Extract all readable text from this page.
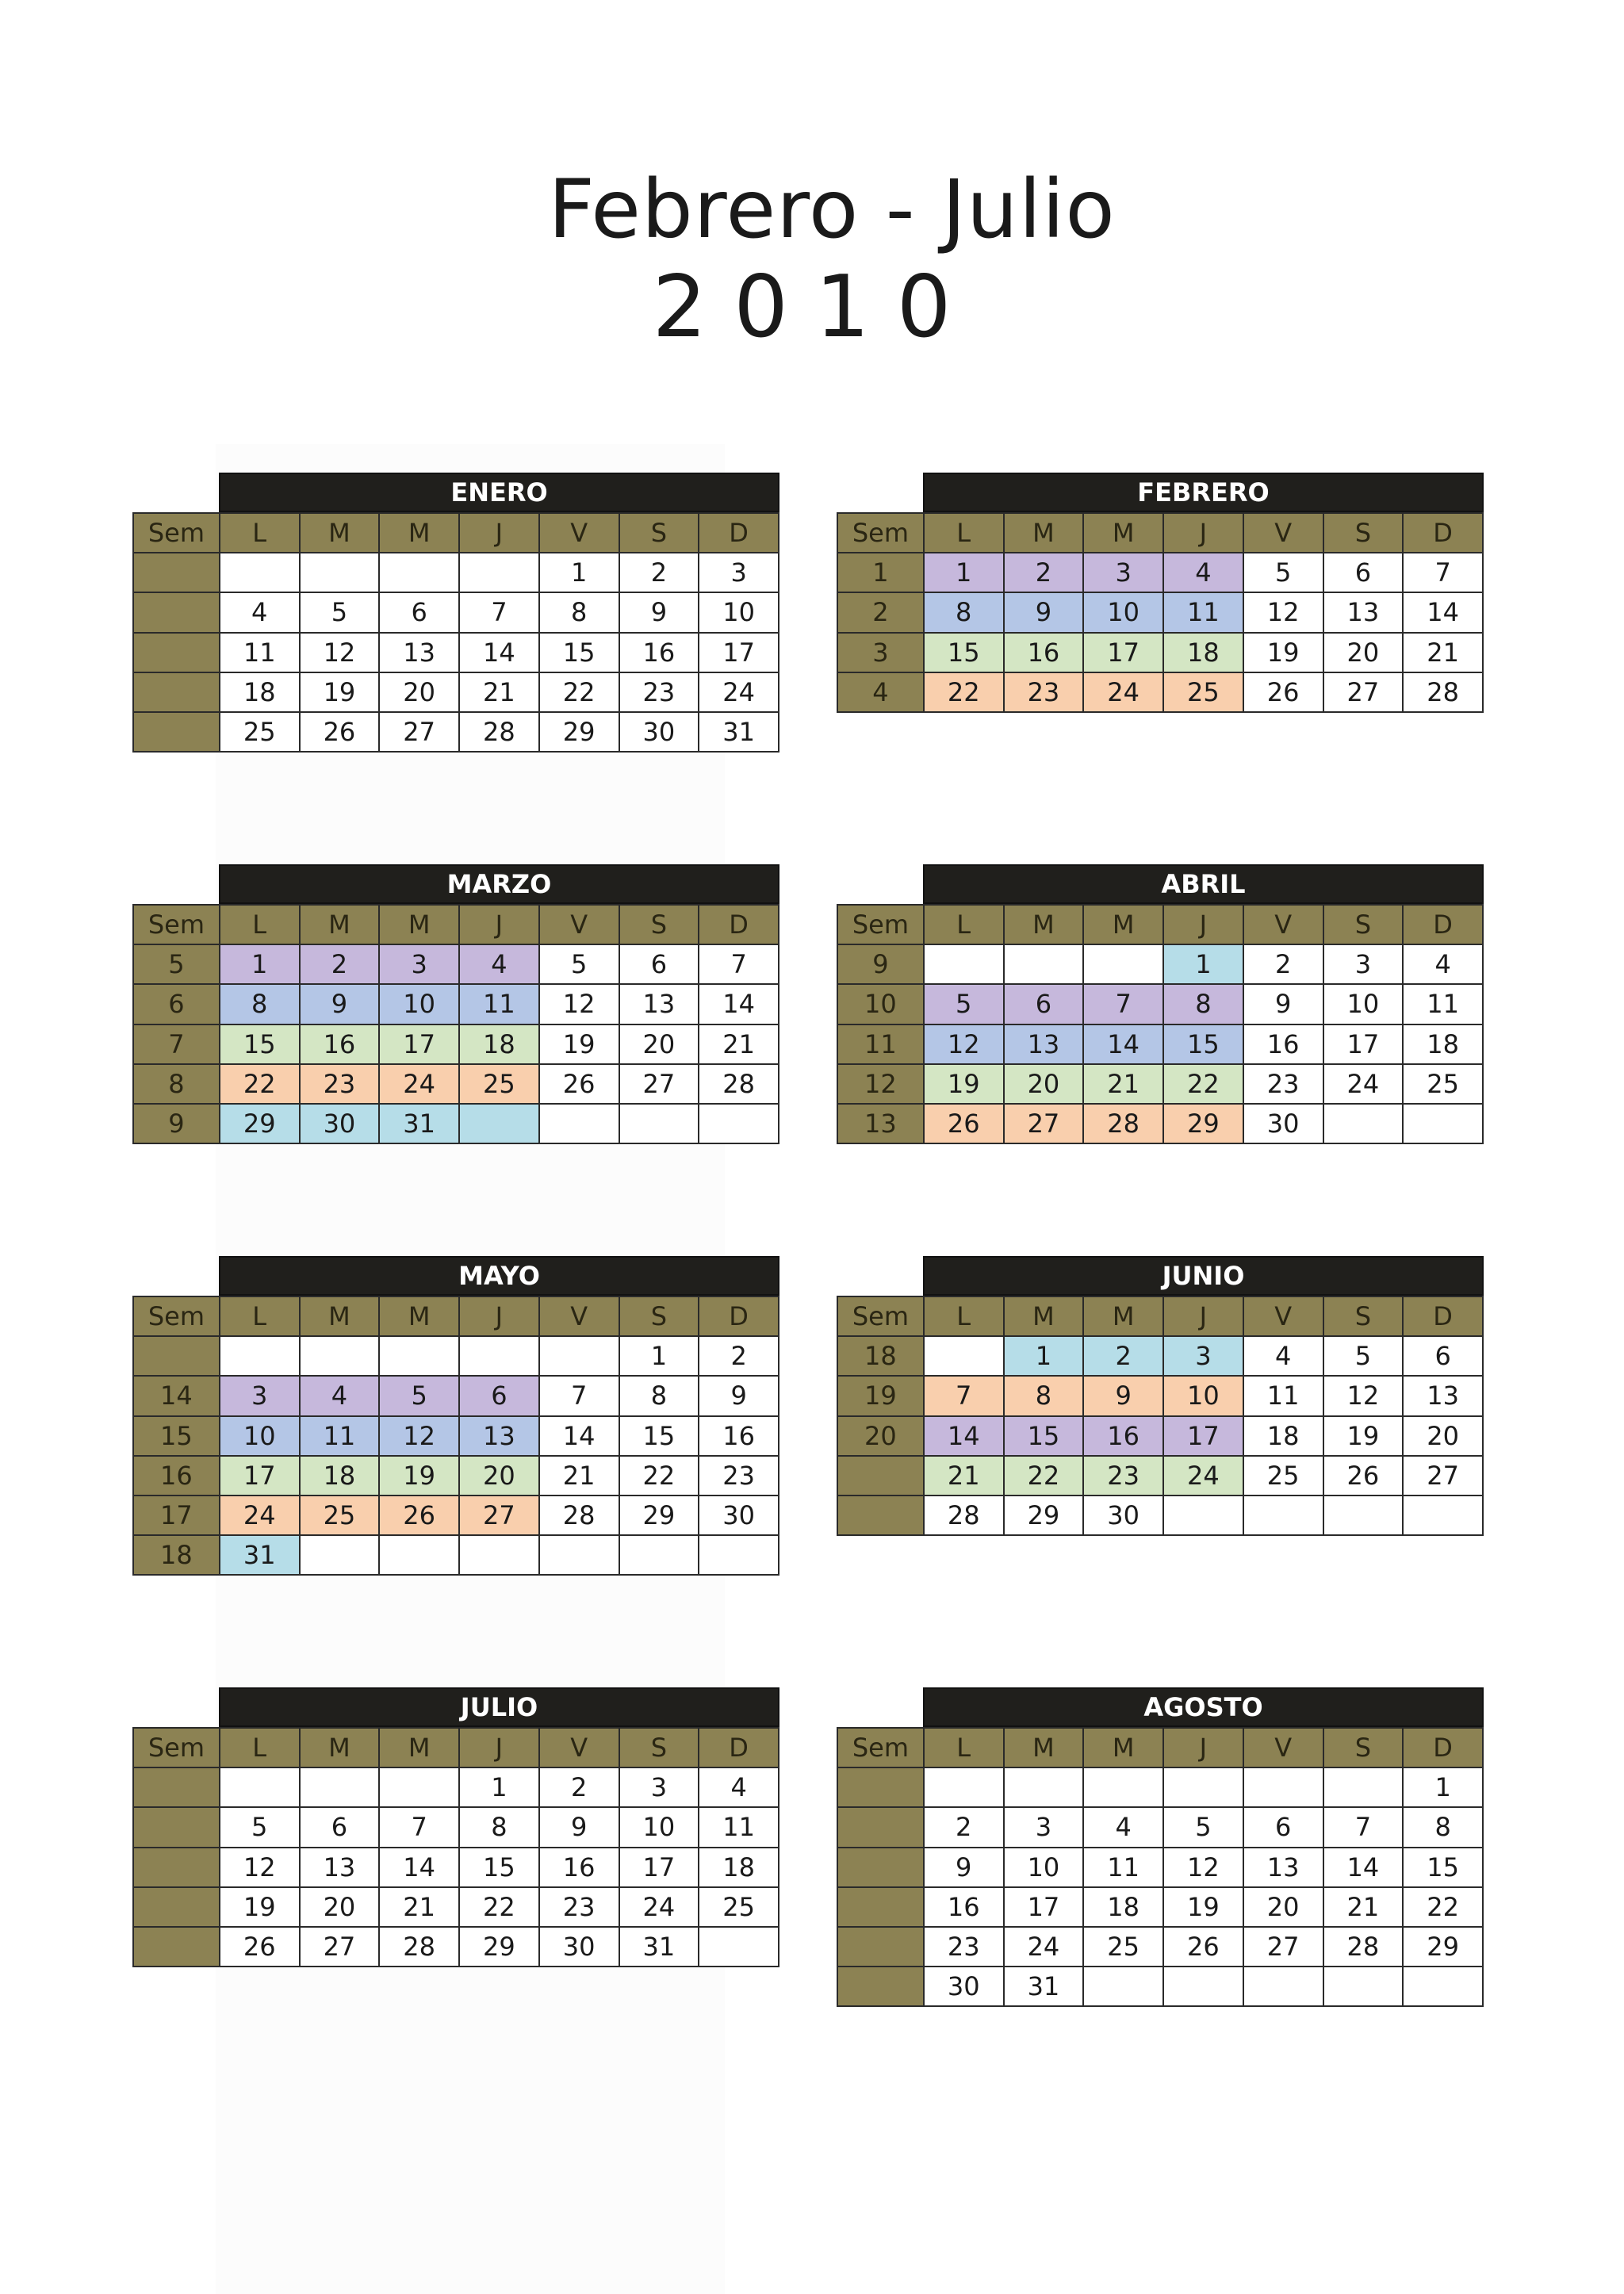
Febrero - Julio
2010
ENERO
Sem	L	M	M	J	V	S	D
					1	2	3
	4	5	6	7	8	9	10
	11	12	13	14	15	16	17
	18	19	20	21	22	23	24
	25	26	27	28	29	30	31
FEBRERO
Sem	L	M	M	J	V	S	D
1	1	2	3	4	5	6	7
2	8	9	10	11	12	13	14
3	15	16	17	18	19	20	21
4	22	23	24	25	26	27	28
MARZO
Sem	L	M	M	J	V	S	D
5	1	2	3	4	5	6	7
6	8	9	10	11	12	13	14
7	15	16	17	18	19	20	21
8	22	23	24	25	26	27	28
9	29	30	31				
ABRIL
Sem	L	M	M	J	V	S	D
9				1	2	3	4
10	5	6	7	8	9	10	11
11	12	13	14	15	16	17	18
12	19	20	21	22	23	24	25
13	26	27	28	29	30		
MAYO
Sem	L	M	M	J	V	S	D
						1	2
14	3	4	5	6	7	8	9
15	10	11	12	13	14	15	16
16	17	18	19	20	21	22	23
17	24	25	26	27	28	29	30
18	31						
JUNIO
Sem	L	M	M	J	V	S	D
18		1	2	3	4	5	6
19	7	8	9	10	11	12	13
20	14	15	16	17	18	19	20
	21	22	23	24	25	26	27
	28	29	30				
JULIO
Sem	L	M	M	J	V	S	D
				1	2	3	4
	5	6	7	8	9	10	11
	12	13	14	15	16	17	18
	19	20	21	22	23	24	25
	26	27	28	29	30	31	
AGOSTO
Sem	L	M	M	J	V	S	D
							1
	2	3	4	5	6	7	8
	9	10	11	12	13	14	15
	16	17	18	19	20	21	22
	23	24	25	26	27	28	29
	30	31					
